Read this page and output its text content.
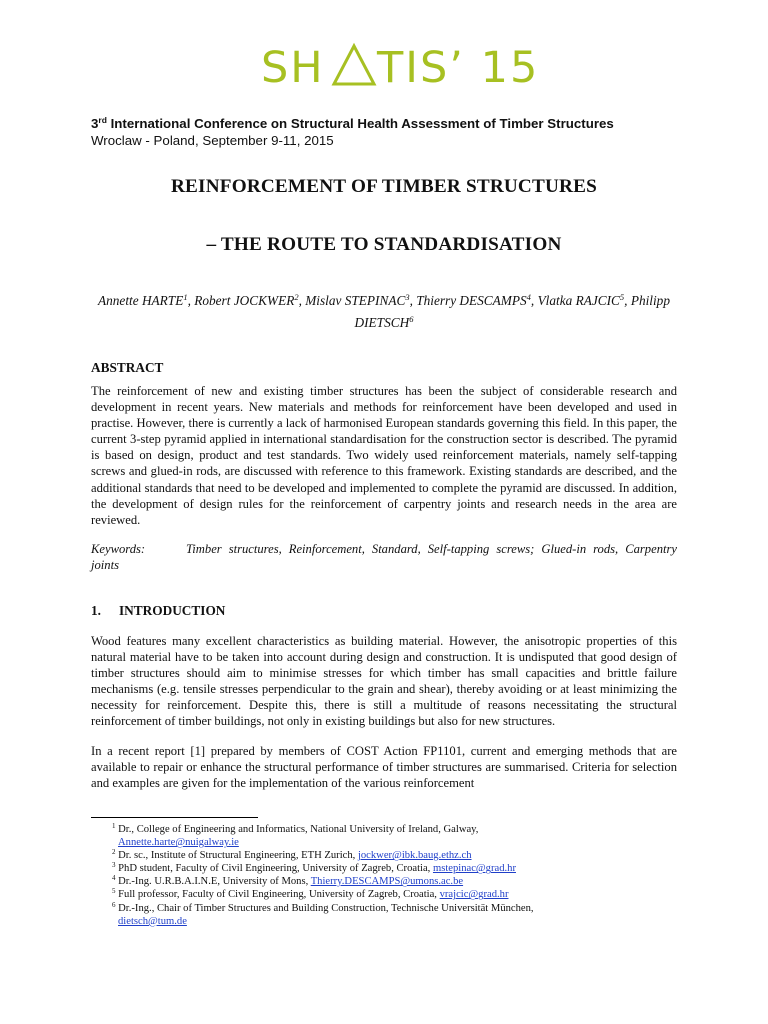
SH TIS’ 15
3rd International Conference on Structural Health Assessment of Timber Structures
Wroclaw - Poland, September 9-11, 2015
REINFORCEMENT OF TIMBER STRUCTURES
– THE ROUTE TO STANDARDISATION
Annette HARTE$^1$, Robert JOCKWER$^2$, Mislav STEPINAC$^3$, Thierry DESCAMPS$^4$, Vlatka RAJCIC$^5$, Philipp DIETSCH$^6$
ABSTRACT
The reinforcement of new and existing timber structures has been the subject of considerable research and development in recent years. New materials and methods for reinforcement have been developed and used in practise. However, there is currently a lack of harmonised European standards governing this field. In this paper, the current 3-step pyramid applied in international standardisation for the construction sector is described. The pyramid is based on design, product and test standards. Two widely used reinforcement materials, namely self-tapping screws and glued-in rods, are discussed with reference to this framework. Existing standards are described, and the additional standards that need to be developed and implemented to complete the pyramid are discussed. In addition, the development of design rules for the reinforcement of carpentry joints and research needs in the area are reviewed.
Keywords:	Timber structures, Reinforcement, Standard, Self-tapping screws; Glued-in rods, Carpentry joints
1. INTRODUCTION
Wood features many excellent characteristics as building material. However, the anisotropic properties of this natural material have to be taken into account during design and construction. It is undisputed that good design of timber structures should aim to minimise stresses for which timber has small capacities and brittle failure mechanisms (e.g. tensile stresses perpendicular to the grain and shear), thereby avoiding or at least minimizing the necessity for reinforcement. Despite this, there is still a multitude of reasons necessitating the structural reinforcement of timber buildings, not only in existing buildings but also for new structures.
In a recent report [1] prepared by members of COST Action FP1101, current and emerging methods that are available to repair or enhance the structural performance of timber structures are summarised. Criteria for selection and examples are given for the implementation of the various reinforcement
$^1$ Dr., College of Engineering and Informatics, National University of Ireland, Galway,
Annette.harte@nuigalway.ie
$^2$ Dr. sc., Institute of Structural Engineering, ETH Zurich, jockwer@ibk.baug.ethz.ch
$^3$ PhD student, Faculty of Civil Engineering, University of Zagreb, Croatia, mstepinac@grad.hr
$^4$ Dr.-Ing. U.R.B.A.I.N.E, University of Mons, Thierry.DESCAMPS@umons.ac.be
$^5$ Full professor, Faculty of Civil Engineering, University of Zagreb, Croatia, vrajcic@grad.hr
$^6$ Dr.-Ing., Chair of Timber Structures and Building Construction, Technische Universität München,
dietsch@tum.de
